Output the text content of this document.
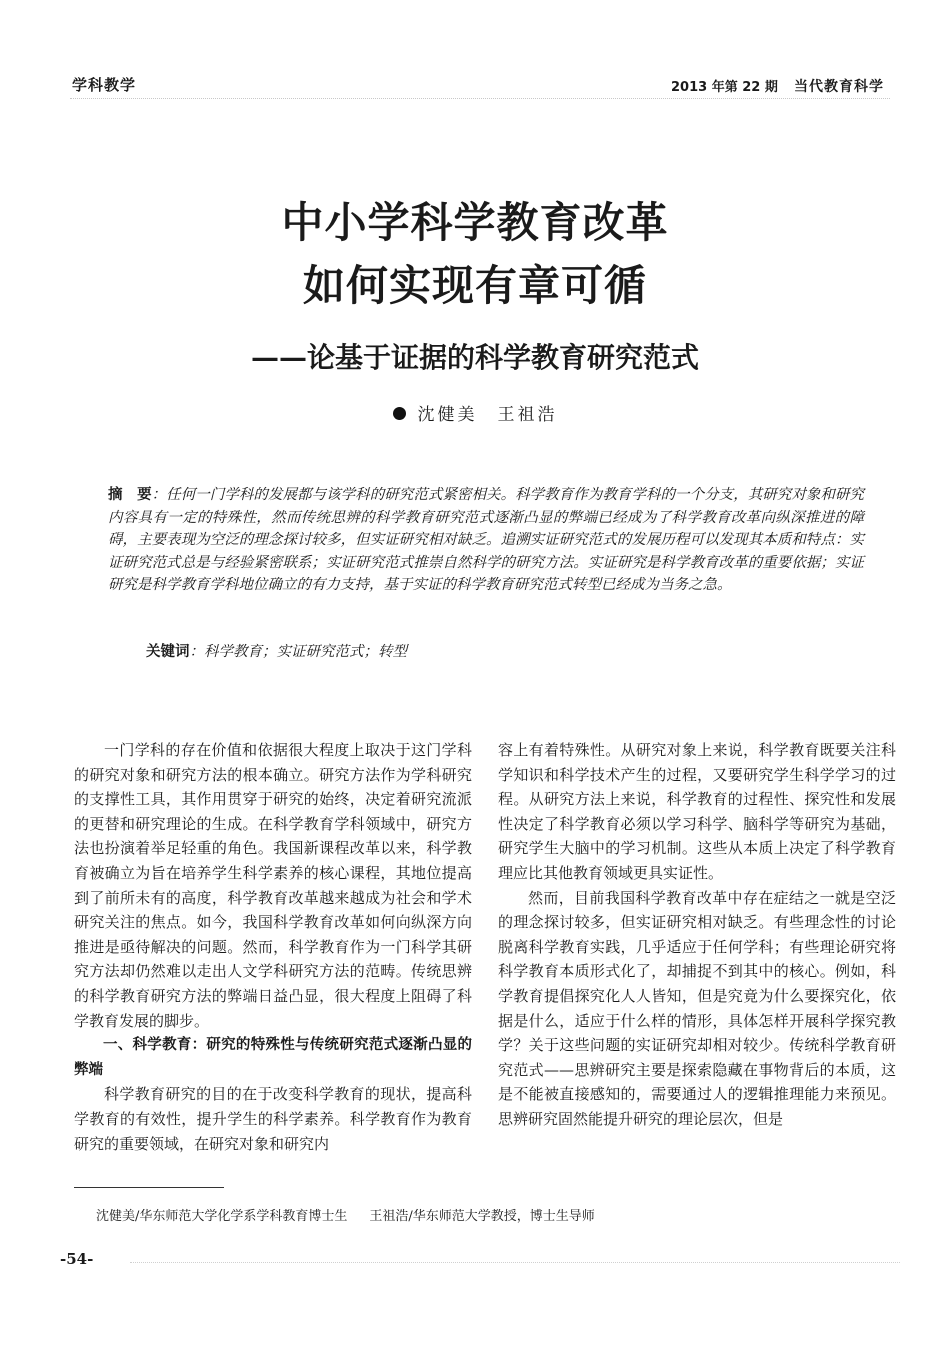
学科教学	2013 年第 22 期 当代教育科学
中小学科学教育改革
如何实现有章可循
——论基于证据的科学教育研究范式
沈健美 王祖浩
摘　要：任何一门学科的发展都与该学科的研究范式紧密相关。科学教育作为教育学科的一个分支，其研究对象和研究内容具有一定的特殊性，然而传统思辨的科学教育研究范式逐渐凸显的弊端已经成为了科学教育改革向纵深推进的障碍，主要表现为空泛的理念探讨较多，但实证研究相对缺乏。追溯实证研究范式的发展历程可以发现其本质和特点：实证研究范式总是与经验紧密联系；实证研究范式推崇自然科学的研究方法。实证研究是科学教育改革的重要依据；实证研究是科学教育学科地位确立的有力支持，基于实证的科学教育研究范式转型已经成为当务之急。
关键词：科学教育；实证研究范式；转型

一门学科的存在价值和依据很大程度上取决于这门学科的研究对象和研究方法的根本确立。研究方法作为学科研究的支撑性工具，其作用贯穿于研究的始终，决定着研究流派的更替和研究理论的生成。在科学教育学科领域中，研究方法也扮演着举足轻重的角色。我国新课程改革以来，科学教育被确立为旨在培养学生科学素养的核心课程，其地位提高到了前所未有的高度，科学教育改革越来越成为社会和学术研究关注的焦点。如今，我国科学教育改革如何向纵深方向推进是亟待解决的问题。然而，科学教育作为一门科学其研究方法却仍然难以走出人文学科研究方法的范畴。传统思辨的科学教育研究方法的弊端日益凸显，很大程度上阻碍了科学教育发展的脚步。

一、科学教育：研究的特殊性与传统研究范式逐渐凸显的弊端

科学教育研究的目的在于改变科学教育的现状，提高科学教育的有效性，提升学生的科学素养。科学教育作为教育研究的重要领域，在研究对象和研究内

容上有着特殊性。从研究对象上来说，科学教育既要关注科学知识和科学技术产生的过程，又要研究学生科学学习的过程。从研究方法上来说，科学教育的过程性、探究性和发展性决定了科学教育必须以学习科学、脑科学等研究为基础，研究学生大脑中的学习机制。这些从本质上决定了科学教育理应比其他教育领域更具实证性。

然而，目前我国科学教育改革中存在症结之一就是空泛的理念探讨较多，但实证研究相对缺乏。有些理念性的讨论脱离科学教育实践，几乎适应于任何学科；有些理论研究将科学教育本质形式化了，却捕捉不到其中的核心。例如，科学教育提倡探究化人人皆知，但是究竟为什么要探究化，依据是什么，适应于什么样的情形，具体怎样开展科学探究教学？关于这些问题的实证研究却相对较少。传统科学教育研究范式——思辨研究主要是探索隐藏在事物背后的本质，这是不能被直接感知的，需要通过人的逻辑推理能力来预见。思辨研究固然能提升研究的理论层次，但是

沈健美/华东师范大学化学系学科教育博士生 王祖浩/华东师范大学教授，博士生导师
-54-
